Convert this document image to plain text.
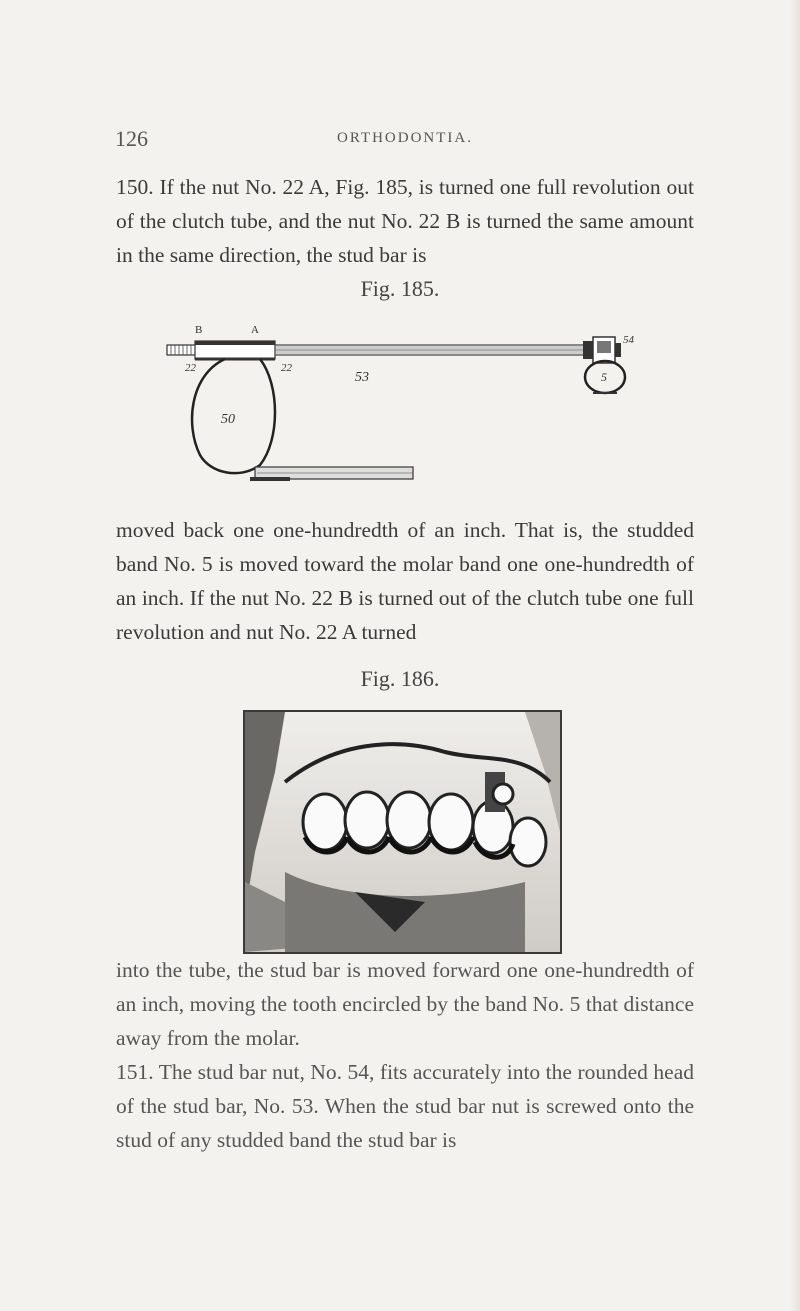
126	ORTHODONTIA.

150. If the nut No. 22 A, Fig. 185, is turned one full revolution out of the clutch tube, and the nut No. 22 B is turned the same amount in the same direction, the stud bar is

Fig. 185.
B	A
22	22
53
50
54
5

moved back one one-hundredth of an inch. That is, the studded band No. 5 is moved toward the molar band one one-hundredth of an inch. If the nut No. 22 B is turned out of the clutch tube one full revolution and nut No. 22 A turned

Fig. 186.

into the tube, the stud bar is moved forward one one-hundredth of an inch, moving the tooth encircled by the band No. 5 that distance away from the molar.

151. The stud bar nut, No. 54, fits accurately into the rounded head of the stud bar, No. 53. When the stud bar nut is screwed onto the stud of any studded band the stud bar is
